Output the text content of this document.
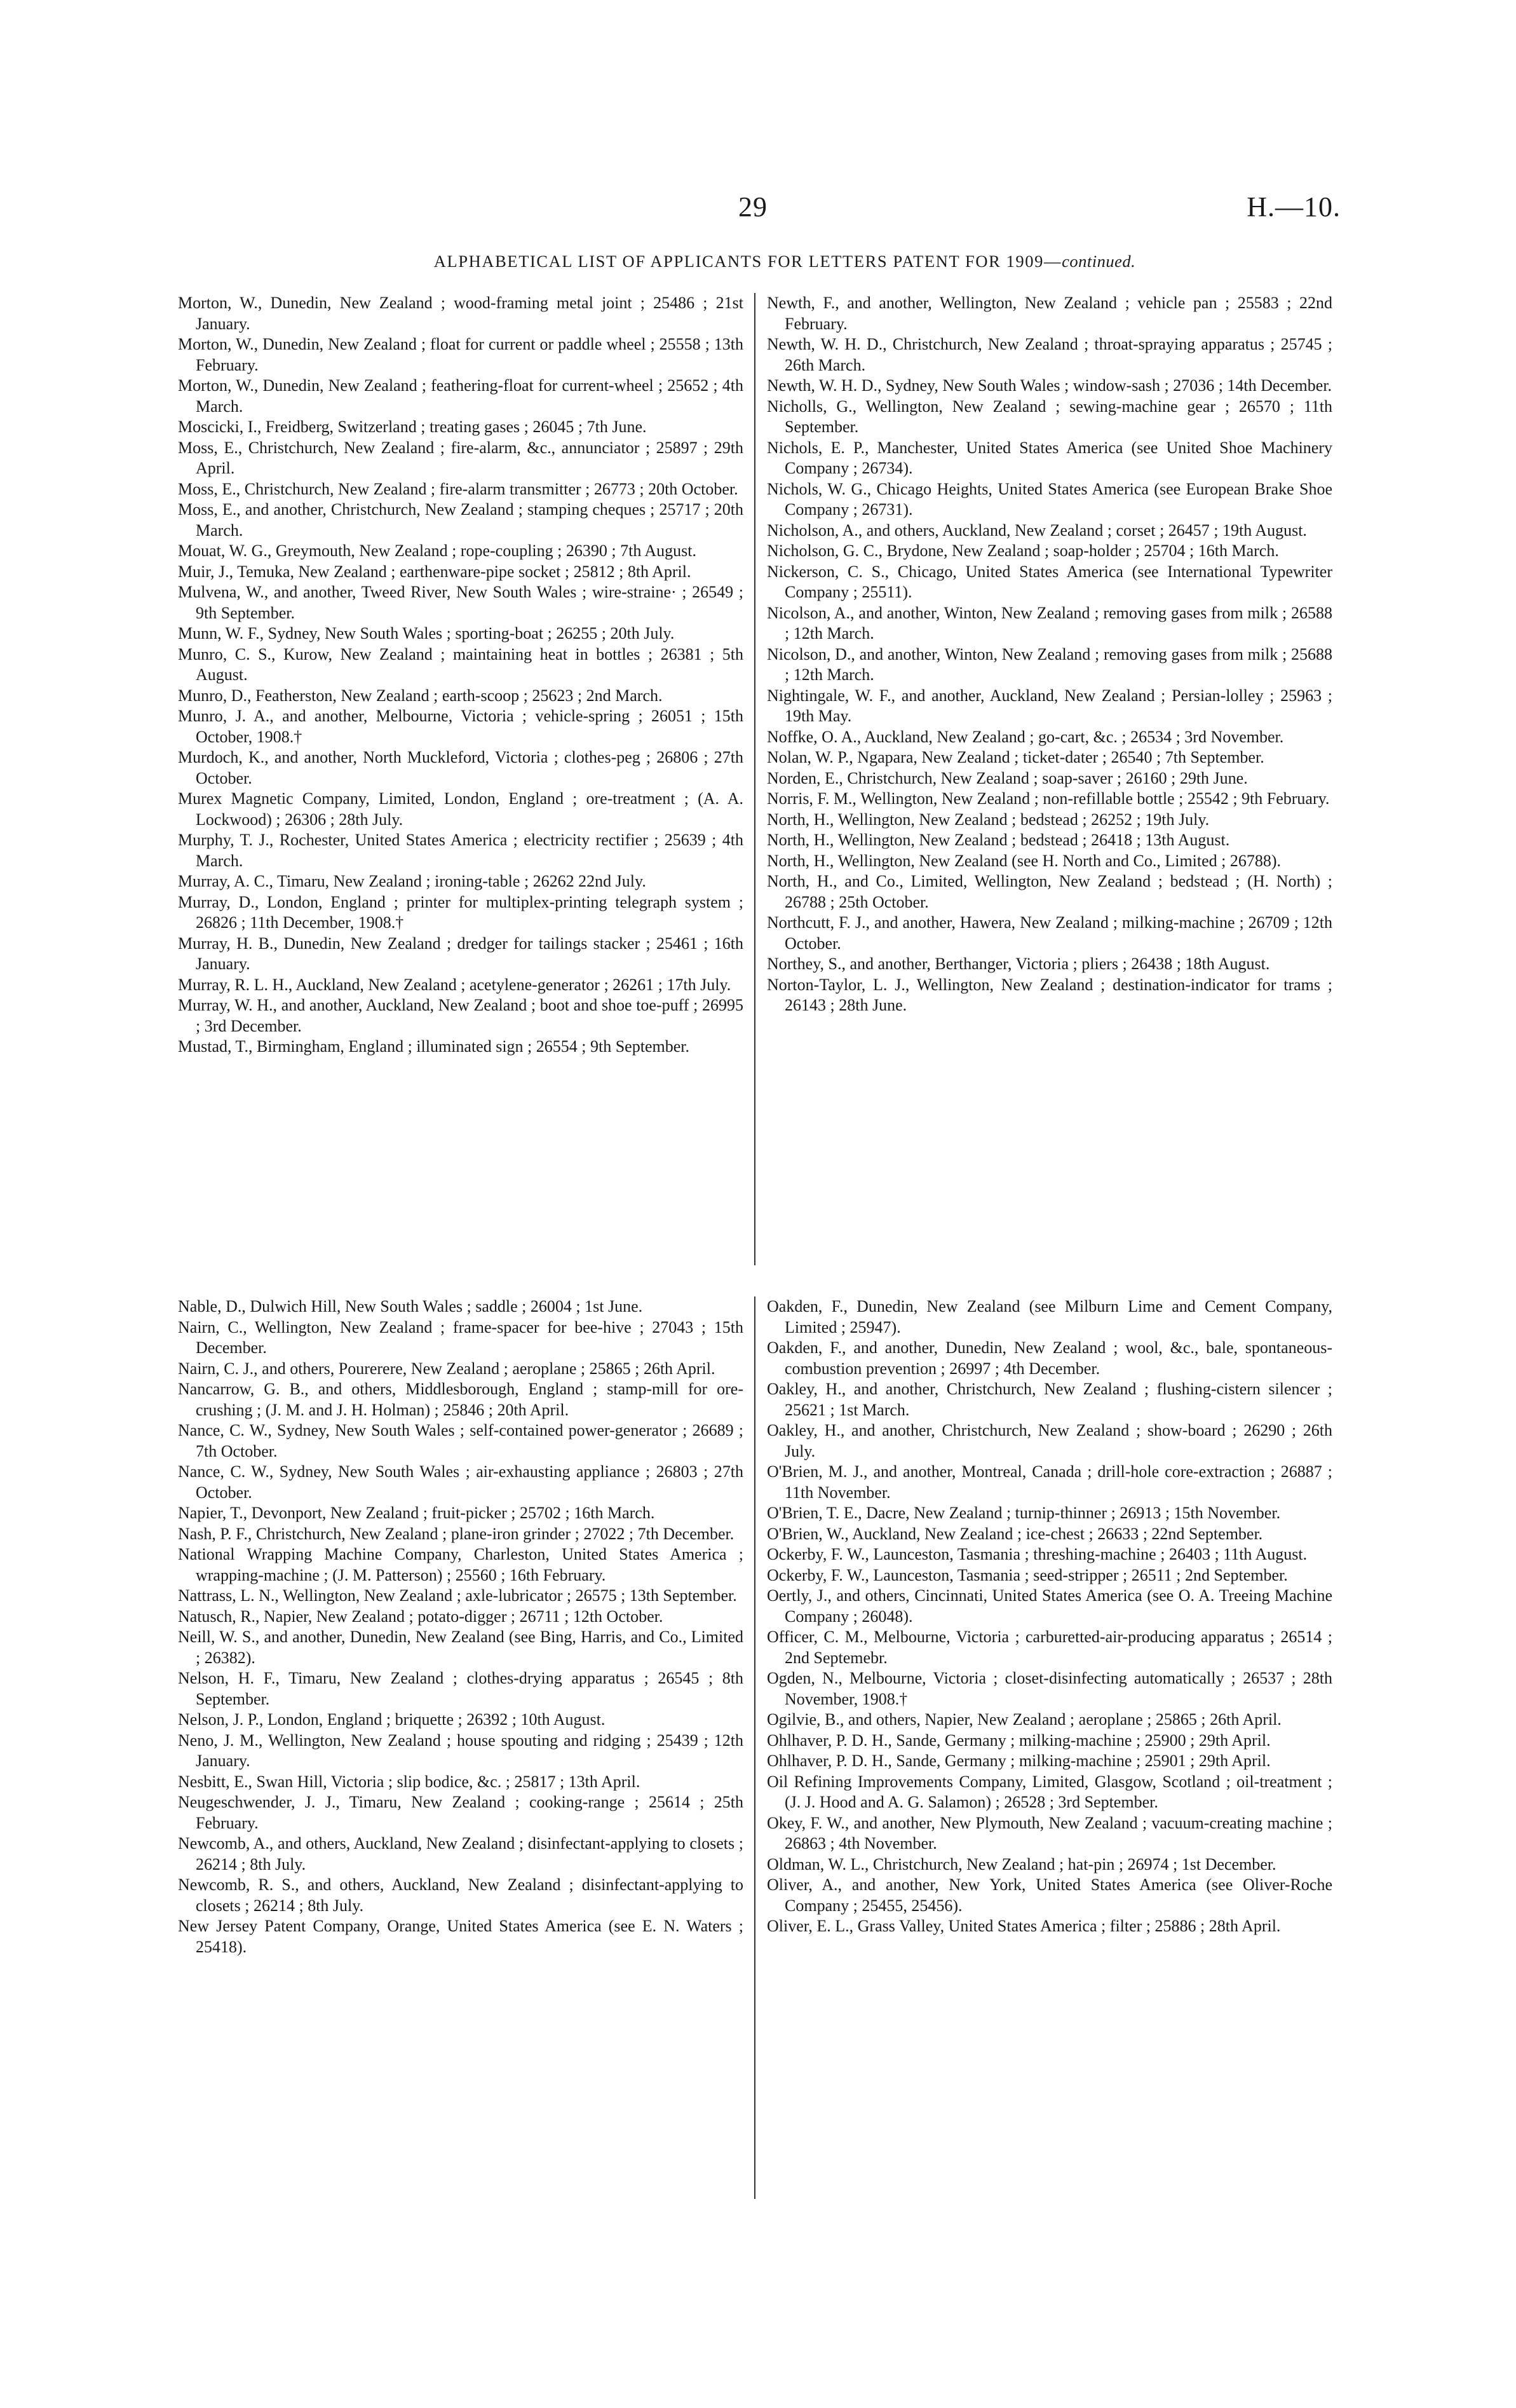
29	H.—10.
ALPHABETICAL LIST OF APPLICANTS FOR LETTERS PATENT FOR 1909—continued.

Morton, W., Dunedin, New Zealand ; wood-framing metal joint ; 25486 ; 21st January.

Morton, W., Dunedin, New Zealand ; float for current or paddle wheel ; 25558 ; 13th February.

Morton, W., Dunedin, New Zealand ; feathering-float for current-wheel ; 25652 ; 4th March.

Moscicki, I., Freidberg, Switzerland ; treating gases ; 26045 ; 7th June.

Moss, E., Christchurch, New Zealand ; fire-alarm, &c., annunciator ; 25897 ; 29th April.

Moss, E., Christchurch, New Zealand ; fire-alarm transmitter ; 26773 ; 20th October.

Moss, E., and another, Christchurch, New Zealand ; stamping cheques ; 25717 ; 20th March.

Mouat, W. G., Greymouth, New Zealand ; rope-coupling ; 26390 ; 7th August.

Muir, J., Temuka, New Zealand ; earthenware-pipe socket ; 25812 ; 8th April.

Mulvena, W., and another, Tweed River, New South Wales ; wire-straine· ; 26549 ; 9th September.

Munn, W. F., Sydney, New South Wales ; sporting-boat ; 26255 ; 20th July.

Munro, C. S., Kurow, New Zealand ; maintaining heat in bottles ; 26381 ; 5th August.

Munro, D., Featherston, New Zealand ; earth-scoop ; 25623 ; 2nd March.

Munro, J. A., and another, Melbourne, Victoria ; vehicle-spring ; 26051 ; 15th October, 1908.†

Murdoch, K., and another, North Muckleford, Victoria ; clothes-peg ; 26806 ; 27th October.

Murex Magnetic Company, Limited, London, England ; ore-treatment ; (A. A. Lockwood) ; 26306 ; 28th July.

Murphy, T. J., Rochester, United States America ; electricity rectifier ; 25639 ; 4th March.

Murray, A. C., Timaru, New Zealand ; ironing-table ; 26262 22nd July.

Murray, D., London, England ; printer for multiplex-printing telegraph system ; 26826 ; 11th December, 1908.†

Murray, H. B., Dunedin, New Zealand ; dredger for tailings stacker ; 25461 ; 16th January.

Murray, R. L. H., Auckland, New Zealand ; acetylene-generator ; 26261 ; 17th July.

Murray, W. H., and another, Auckland, New Zealand ; boot and shoe toe-puff ; 26995 ; 3rd December.

Mustad, T., Birmingham, England ; illuminated sign ; 26554 ; 9th September.

Newth, F., and another, Wellington, New Zealand ; vehicle pan ; 25583 ; 22nd February.

Newth, W. H. D., Christchurch, New Zealand ; throat-spraying apparatus ; 25745 ; 26th March.

Newth, W. H. D., Sydney, New South Wales ; window-sash ; 27036 ; 14th December.

Nicholls, G., Wellington, New Zealand ; sewing-machine gear ; 26570 ; 11th September.

Nichols, E. P., Manchester, United States America (see United Shoe Machinery Company ; 26734).

Nichols, W. G., Chicago Heights, United States America (see European Brake Shoe Company ; 26731).

Nicholson, A., and others, Auckland, New Zealand ; corset ; 26457 ; 19th August.

Nicholson, G. C., Brydone, New Zealand ; soap-holder ; 25704 ; 16th March.

Nickerson, C. S., Chicago, United States America (see International Typewriter Company ; 25511).

Nicolson, A., and another, Winton, New Zealand ; removing gases from milk ; 26588 ; 12th March.

Nicolson, D., and another, Winton, New Zealand ; removing gases from milk ; 25688 ; 12th March.

Nightingale, W. F., and another, Auckland, New Zealand ; Persian-lolley ; 25963 ; 19th May.

Noffke, O. A., Auckland, New Zealand ; go-cart, &c. ; 26534 ; 3rd November.

Nolan, W. P., Ngapara, New Zealand ; ticket-dater ; 26540 ; 7th September.

Norden, E., Christchurch, New Zealand ; soap-saver ; 26160 ; 29th June.

Norris, F. M., Wellington, New Zealand ; non-refillable bottle ; 25542 ; 9th February.

North, H., Wellington, New Zealand ; bedstead ; 26252 ; 19th July.

North, H., Wellington, New Zealand ; bedstead ; 26418 ; 13th August.

North, H., Wellington, New Zealand (see H. North and Co., Limited ; 26788).

North, H., and Co., Limited, Wellington, New Zealand ; bedstead ; (H. North) ; 26788 ; 25th October.

Northcutt, F. J., and another, Hawera, New Zealand ; milking-machine ; 26709 ; 12th October.

Northey, S., and another, Berthanger, Victoria ; pliers ; 26438 ; 18th August.

Norton-Taylor, L. J., Wellington, New Zealand ; destination-indicator for trams ; 26143 ; 28th June.

Nable, D., Dulwich Hill, New South Wales ; saddle ; 26004 ; 1st June.

Nairn, C., Wellington, New Zealand ; frame-spacer for bee-hive ; 27043 ; 15th December.

Nairn, C. J., and others, Pourerere, New Zealand ; aeroplane ; 25865 ; 26th April.

Nancarrow, G. B., and others, Middlesborough, England ; stamp-mill for ore-crushing ; (J. M. and J. H. Holman) ; 25846 ; 20th April.

Nance, C. W., Sydney, New South Wales ; self-contained power-generator ; 26689 ; 7th October.

Nance, C. W., Sydney, New South Wales ; air-exhausting appliance ; 26803 ; 27th October.

Napier, T., Devonport, New Zealand ; fruit-picker ; 25702 ; 16th March.

Nash, P. F., Christchurch, New Zealand ; plane-iron grinder ; 27022 ; 7th December.

National Wrapping Machine Company, Charleston, United States America ; wrapping-machine ; (J. M. Patterson) ; 25560 ; 16th February.

Nattrass, L. N., Wellington, New Zealand ; axle-lubricator ; 26575 ; 13th September.

Natusch, R., Napier, New Zealand ; potato-digger ; 26711 ; 12th October.

Neill, W. S., and another, Dunedin, New Zealand (see Bing, Harris, and Co., Limited ; 26382).

Nelson, H. F., Timaru, New Zealand ; clothes-drying apparatus ; 26545 ; 8th September.

Nelson, J. P., London, England ; briquette ; 26392 ; 10th August.

Neno, J. M., Wellington, New Zealand ; house spouting and ridging ; 25439 ; 12th January.

Nesbitt, E., Swan Hill, Victoria ; slip bodice, &c. ; 25817 ; 13th April.

Neugeschwender, J. J., Timaru, New Zealand ; cooking-range ; 25614 ; 25th February.

Newcomb, A., and others, Auckland, New Zealand ; disinfectant-applying to closets ; 26214 ; 8th July.

Newcomb, R. S., and others, Auckland, New Zealand ; disinfectant-applying to closets ; 26214 ; 8th July.

New Jersey Patent Company, Orange, United States America (see E. N. Waters ; 25418).

Oakden, F., Dunedin, New Zealand (see Milburn Lime and Cement Company, Limited ; 25947).

Oakden, F., and another, Dunedin, New Zealand ; wool, &c., bale, spontaneous-combustion prevention ; 26997 ; 4th December.

Oakley, H., and another, Christchurch, New Zealand ; flushing-cistern silencer ; 25621 ; 1st March.

Oakley, H., and another, Christchurch, New Zealand ; show-board ; 26290 ; 26th July.

O'Brien, M. J., and another, Montreal, Canada ; drill-hole core-extraction ; 26887 ; 11th November.

O'Brien, T. E., Dacre, New Zealand ; turnip-thinner ; 26913 ; 15th November.

O'Brien, W., Auckland, New Zealand ; ice-chest ; 26633 ; 22nd September.

Ockerby, F. W., Launceston, Tasmania ; threshing-machine ; 26403 ; 11th August.

Ockerby, F. W., Launceston, Tasmania ; seed-stripper ; 26511 ; 2nd September.

Oertly, J., and others, Cincinnati, United States America (see O. A. Treeing Machine Company ; 26048).

Officer, C. M., Melbourne, Victoria ; carburetted-air-producing apparatus ; 26514 ; 2nd Septemebr.

Ogden, N., Melbourne, Victoria ; closet-disinfecting automatically ; 26537 ; 28th November, 1908.†

Ogilvie, B., and others, Napier, New Zealand ; aeroplane ; 25865 ; 26th April.

Ohlhaver, P. D. H., Sande, Germany ; milking-machine ; 25900 ; 29th April.

Ohlhaver, P. D. H., Sande, Germany ; milking-machine ; 25901 ; 29th April.

Oil Refining Improvements Company, Limited, Glasgow, Scotland ; oil-treatment ; (J. J. Hood and A. G. Salamon) ; 26528 ; 3rd September.

Okey, F. W., and another, New Plymouth, New Zealand ; vacuum-creating machine ; 26863 ; 4th November.

Oldman, W. L., Christchurch, New Zealand ; hat-pin ; 26974 ; 1st December.

Oliver, A., and another, New York, United States America (see Oliver-Roche Company ; 25455, 25456).

Oliver, E. L., Grass Valley, United States America ; filter ; 25886 ; 28th April.
